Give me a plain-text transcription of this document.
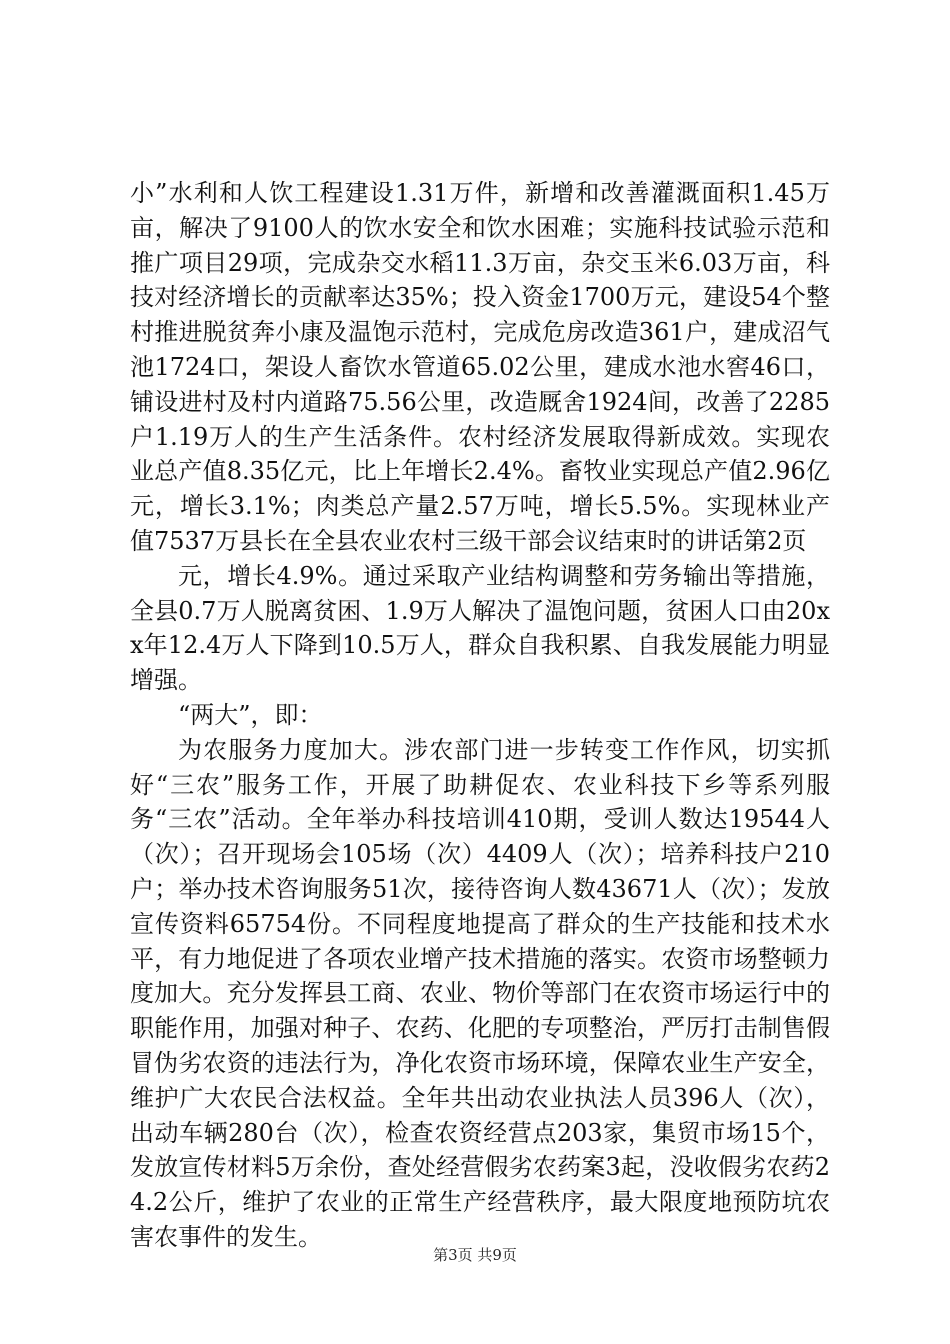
小”水利和人饮工程建设1.31万件，新增和改善灌溉面积1.45万亩，解决了9100人的饮水安全和饮水困难；实施科技试验示范和推广项目29项，完成杂交水稻11.3万亩，杂交玉米6.03万亩，科技对经济增长的贡献率达35%；投入资金1700万元，建设54个整村推进脱贫奔小康及温饱示范村，完成危房改造361户，建成沼气池1724口，架设人畜饮水管道65.02公里，建成水池水窖46口，铺设进村及村内道路75.56公里，改造厩舍1924间，改善了2285户1.19万人的生产生活条件。农村经济发展取得新成效。实现农业总产值8.35亿元，比上年增长2.4%。畜牧业实现总产值2.96亿元，增长3.1%；肉类总产量2.57万吨，增长5.5%。实现林业产值7537万县长在全县农业农村三级干部会议结束时的讲话第2页

元，增长4.9%。通过采取产业结构调整和劳务输出等措施，全县0.7万人脱离贫困、1.9万人解决了温饱问题，贫困人口由20xx年12.4万人下降到10.5万人，群众自我积累、自我发展能力明显增强。

“两大”，即：

为农服务力度加大。涉农部门进一步转变工作作风，切实抓好“三农”服务工作，开展了助耕促农、农业科技下乡等系列服务“三农”活动。全年举办科技培训410期，受训人数达19544人（次）；召开现场会105场（次）4409人（次）；培养科技户210户；举办技术咨询服务51次，接待咨询人数43671人（次）；发放宣传资料65754份。不同程度地提高了群众的生产技能和技术水平，有力地促进了各项农业增产技术措施的落实。农资市场整顿力度加大。充分发挥县工商、农业、物价等部门在农资市场运行中的职能作用，加强对种子、农药、化肥的专项整治，严厉打击制售假冒伪劣农资的违法行为，净化农资市场环境，保障农业生产安全，维护广大农民合法权益。全年共出动农业执法人员396人（次），出动车辆280台（次），检查农资经营点203家，集贸市场15个，发放宣传材料5万余份，查处经营假劣农药案3起，没收假劣农药24.2公斤，维护了农业的正常生产经营秩序，最大限度地预防坑农害农事件的发生。

第3页 共9页
